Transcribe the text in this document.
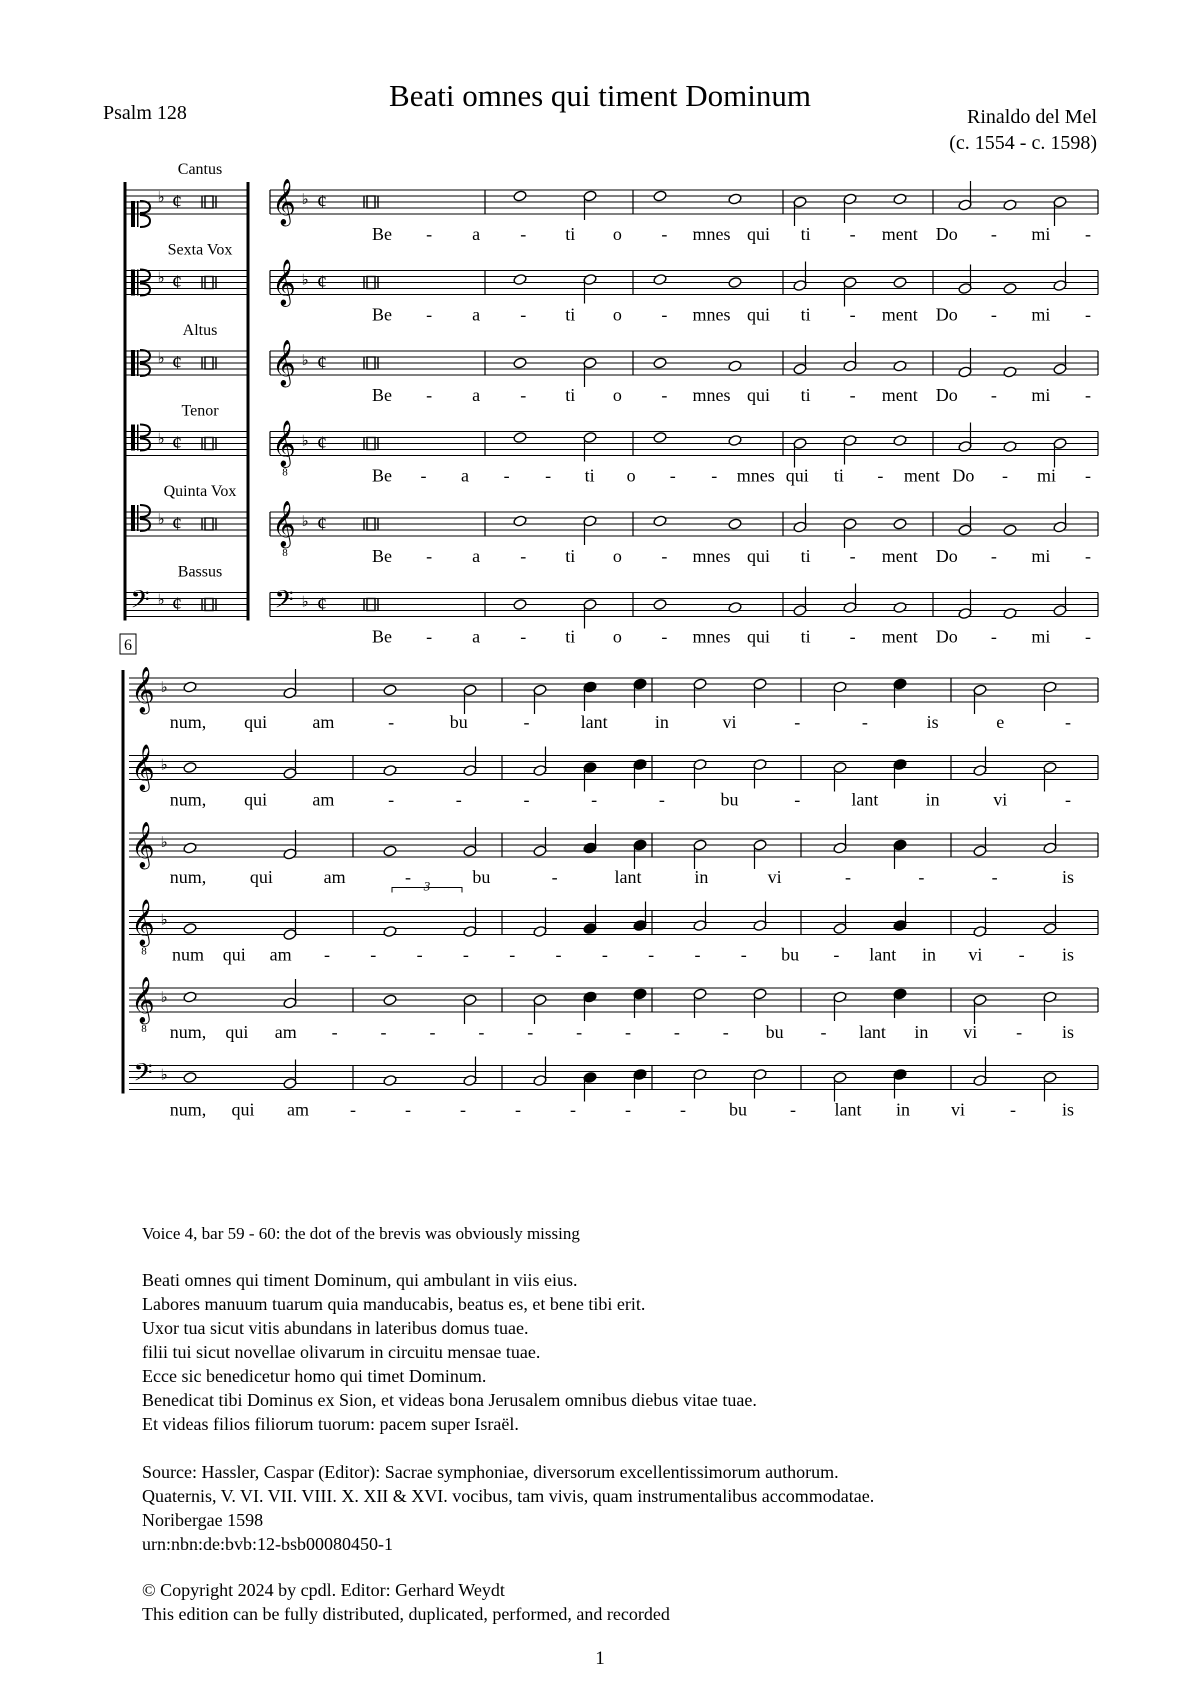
Beati omnes qui timent Dominum
Psalm 128	Rinaldo del Mel
(c. 1554 - c. 1598)
Cantus
♭ ¢ 𝄞 ♭ ¢
Be - a - ti o - mnes qui ti - ment Do - mi -
Sexta Vox
♭ ¢ 𝄞 ♭ ¢
Be - a - ti o - mnes qui ti - ment Do - mi -
Altus
♭ ¢ 𝄞 ♭ ¢
Be - a - ti o - mnes qui ti - ment Do - mi -
Tenor
♭ ¢ 𝄞
8
♭ ¢
Be - a - - ti o - - mnes qui ti - ment Do - mi -
Quinta Vox
♭ ¢ 𝄞
8
♭ ¢
Be - a - ti o - mnes qui ti - ment Do - mi -
Bassus
𝄢 ♭ ¢	𝄢 ♭ ¢
Be - a - ti o - mnes qui ti - ment Do - mi -
6
𝄞 ♭
num, qui	am	-	bu	-	lant	in	vi	-	-	is	e	-
𝄞 ♭
num, qui	am	-	-	-	-	-	bu	-	lant	in	vi	-
𝄞 ♭
num, qui	am	-	bu	-	lant	in	vi	-	-	-	is
𝄞
8
♭
num qui am - - - - - - - - - - bu - lant in vi - is
𝄞
8
♭
num, qui am - - - - - - - - - bu - lant in vi - is
𝄢 ♭
num, qui am -	-	-	-	-	-	- bu - lant in vi -	is
3
Voice 4, bar 59 - 60: the dot of the brevis was obviously missing
Beati omnes qui timent Dominum, qui ambulant in viis eius.
Labores manuum tuarum quia manducabis, beatus es, et bene tibi erit.
Uxor tua sicut vitis abundans in lateribus domus tuae.
filii tui sicut novellae olivarum in circuitu mensae tuae.
Ecce sic benedicetur homo qui timet Dominum.
Benedicat tibi Dominus ex Sion, et videas bona Jerusalem omnibus diebus vitae tuae.
Et videas filios filiorum tuorum: pacem super Israël.
Source: Hassler, Caspar (Editor): Sacrae symphoniae, diversorum excellentissimorum authorum.
Quaternis, V. VI. VII. VIII. X. XII & XVI. vocibus, tam vivis, quam instrumentalibus accommodatae.
Noribergae 1598
urn:nbn:de:bvb:12-bsb00080450-1
© Copyright 2024 by cpdl. Editor: Gerhard Weydt
This edition can be fully distributed, duplicated, performed, and recorded
1
